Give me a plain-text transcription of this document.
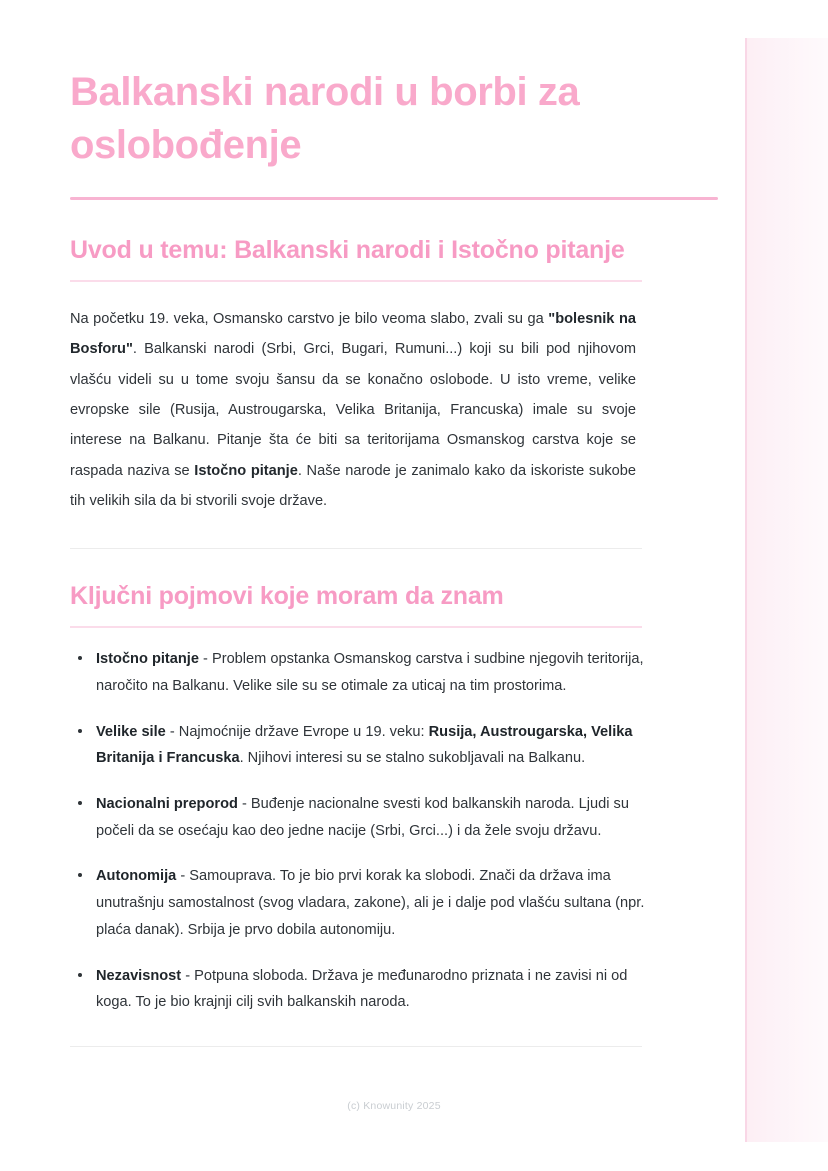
Balkanski narodi u borbi za oslobođenje
Uvod u temu: Balkanski narodi i Istočno pitanje

Na početku 19. veka, Osmansko carstvo je bilo veoma slabo, zvali su ga "bolesnik na Bosforu". Balkanski narodi (Srbi, Grci, Bugari, Rumuni...) koji su bili pod njihovom vlašću videli su u tome svoju šansu da se konačno oslobode. U isto vreme, velike evropske sile (Rusija, Austrougarska, Velika Britanija, Francuska) imale su svoje interese na Balkanu. Pitanje šta će biti sa teritorijama Osmanskog carstva koje se raspada naziva se Istočno pitanje. Naše narode je zanimalo kako da iskoriste sukobe tih velikih sila da bi stvorili svoje države.

Ključni pojmovi koje moram da znam
Istočno pitanje - Problem opstanka Osmanskog carstva i sudbine njegovih teritorija, naročito na Balkanu. Velike sile su se otimale za uticaj na tim prostorima.
Velike sile - Najmoćnije države Evrope u 19. veku: Rusija, Austrougarska, Velika Britanija i Francuska. Njihovi interesi su se stalno sukobljavali na Balkanu.
Nacionalni preporod - Buđenje nacionalne svesti kod balkanskih naroda. Ljudi su počeli da se osećaju kao deo jedne nacije (Srbi, Grci...) i da žele svoju državu.
Autonomija - Samouprava. To je bio prvi korak ka slobodi. Znači da država ima unutrašnju samostalnost (svog vladara, zakone), ali je i dalje pod vlašću sultana (npr. plaća danak). Srbija je prvo dobila autonomiju.
Nezavisnost - Potpuna sloboda. Država je međunarodno priznata i ne zavisi ni od koga. To je bio krajnji cilj svih balkanskih naroda.
(c) Knowunity 2025
